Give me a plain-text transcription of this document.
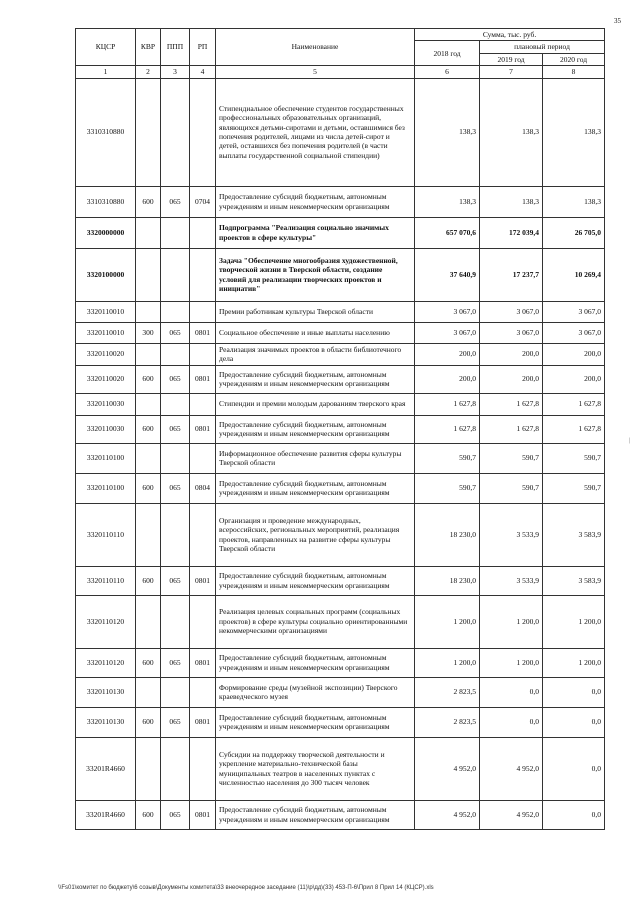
35
КЦСР	КВР	ППП	РП	Наименование	Сумма, тыс. руб.		
					2018 год	плановый период	
						2019 год	2020 год
1	2	3	4	5	6	7	8
3310310880				Стипендиальное обеспечение студентов государственных профессиональных образовательных организаций, являющихся детьми-сиротами и детьми, оставшимися без попечения родителей, лицами из числа детей-сирот и детей, оставшихся без попечения родителей (в части выплаты государственной социальной стипендии)	138,3	138,3	138,3
3310310880	600	065	0704	Предоставление субсидий бюджетным, автономным учреждениям и иным некоммерческим организациям	138,3	138,3	138,3
3320000000				Подпрограмма "Реализация социально значимых проектов в сфере культуры"	657 070,6	172 039,4	26 705,0
3320100000				Задача "Обеспечение многообразия художественной, творческой жизни в Тверской области, создание условий для реализации творческих проектов и инициатив"	37 640,9	17 237,7	10 269,4
3320110010				Премии работникам культуры Тверской области	3 067,0	3 067,0	3 067,0
3320110010	300	065	0801	Социальное обеспечение и иные выплаты населению	3 067,0	3 067,0	3 067,0
3320110020				Реализация значимых проектов в области библиотечного дела	200,0	200,0	200,0
3320110020	600	065	0801	Предоставление субсидий бюджетным, автономным учреждениям и иным некоммерческим организациям	200,0	200,0	200,0
3320110030				Стипендии и премии молодым дарованиям тверского края	1 627,8	1 627,8	1 627,8
3320110030	600	065	0801	Предоставление субсидий бюджетным, автономным учреждениям и иным некоммерческим организациям	1 627,8	1 627,8	1 627,8
3320110100				Информационное обеспечение развития сферы культуры Тверской области	590,7	590,7	590,7
3320110100	600	065	0804	Предоставление субсидий бюджетным, автономным учреждениям и иным некоммерческим организациям	590,7	590,7	590,7
3320110110				Организация и проведение международных, всероссийских, региональных мероприятий, реализация проектов, направленных на развитие сферы культуры Тверской области	18 230,0	3 533,9	3 583,9
3320110110	600	065	0801	Предоставление субсидий бюджетным, автономным учреждениям и иным некоммерческим организациям	18 230,0	3 533,9	3 583,9
3320110120				Реализация целевых социальных программ (социальных проектов) в сфере культуры социально ориентированными некоммерческими организациями	1 200,0	1 200,0	1 200,0
3320110120	600	065	0801	Предоставление субсидий бюджетным, автономным учреждениям и иным некоммерческим организациям	1 200,0	1 200,0	1 200,0
3320110130				Формирование среды (музейной экспозиции) Тверского краеведческого музея	2 823,5	0,0	0,0
3320110130	600	065	0801	Предоставление субсидий бюджетным, автономным учреждениям и иным некоммерческим организациям	2 823,5	0,0	0,0
33201R4660				Субсидии на поддержку творческой деятельности и укрепление материально-технической базы муниципальных театров в населенных пунктах с численностью населения до 300 тысяч человек	4 952,0	4 952,0	0,0
33201R4660	600	065	0801	Предоставление субсидий бюджетным, автономным учреждениям и иным некоммерческим организациям	4 952,0	4 952,0	0,0
\\Fs01\комитет по бюджету\6 созыв\Документы комитета\33 внеочередное заседание (11)\р\дд\(33) 453-П-6\Прил 8 Прил 14 (КЦСР).xls
|
